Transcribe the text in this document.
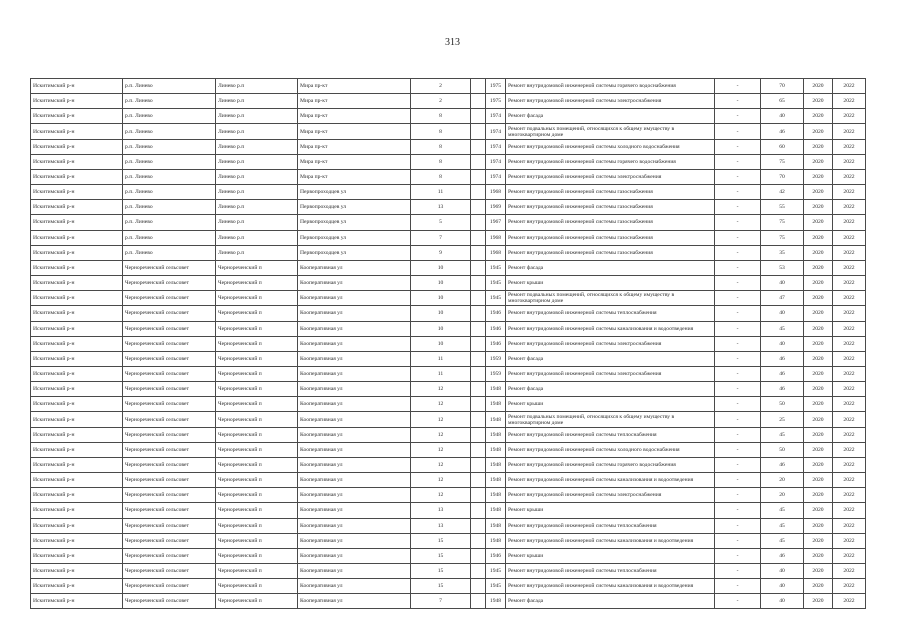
313
Искитимский р-н	р.п. Линево	Линево р.п	Мира пр-кт	2		1975	Ремонт внутридомовой инженерной системы горячего водоснабжения	-	70	2020	2022
Искитимский р-н	р.п. Линево	Линево р.п	Мира пр-кт	2		1975	Ремонт внутридомовой инженерной системы электроснабжения	-	65	2020	2022
Искитимский р-н	р.п. Линево	Линево р.п	Мира пр-кт	8		1974	Ремонт фасада	-	40	2020	2022
Искитимский р-н	р.п. Линево	Линево р.п	Мира пр-кт	8		1974	Ремонт подвальных помещений, относящихся к общему имуществу в многоквартирном доме	-	46	2020	2022
Искитимский р-н	р.п. Линево	Линево р.п	Мира пр-кт	8		1974	Ремонт внутридомовой инженерной системы холодного водоснабжения	-	60	2020	2022
Искитимский р-н	р.п. Линево	Линево р.п	Мира пр-кт	8		1974	Ремонт внутридомовой инженерной системы горячего водоснабжения	-	75	2020	2022
Искитимский р-н	р.п. Линево	Линево р.п	Мира пр-кт	8		1974	Ремонт внутридомовой инженерной системы электроснабжения	-	70	2020	2022
Искитимский р-н	р.п. Линево	Линево р.п	Первопроходцев ул	11		1968	Ремонт внутридомовой инженерной системы газоснабжения	-	42	2020	2022
Искитимский р-н	р.п. Линево	Линево р.п	Первопроходцев ул	13		1969	Ремонт внутридомовой инженерной системы газоснабжения	-	55	2020	2022
Искитимский р-н	р.п. Линево	Линево р.п	Первопроходцев ул	5		1967	Ремонт внутридомовой инженерной системы газоснабжения	-	75	2020	2022
Искитимский р-н	р.п. Линево	Линево р.п	Первопроходцев ул	7		1968	Ремонт внутридомовой инженерной системы газоснабжения	-	75	2020	2022
Искитимский р-н	р.п. Линево	Линево р.п	Первопроходцев ул	9		1968	Ремонт внутридомовой инженерной системы газоснабжения	-	35	2020	2022
Искитимский р-н	Чернореченский сельсовет	Чернореченский п	Кооперативная ул	10		1945	Ремонт фасада	-	53	2020	2022
Искитимский р-н	Чернореченский сельсовет	Чернореченский п	Кооперативная ул	10		1945	Ремонт крыши	-	40	2020	2022
Искитимский р-н	Чернореченский сельсовет	Чернореченский п	Кооперативная ул	10		1945	Ремонт подвальных помещений, относящихся к общему имуществу в многоквартирном доме	-	47	2020	2022
Искитимский р-н	Чернореченский сельсовет	Чернореченский п	Кооперативная ул	10		1946	Ремонт внутридомовой инженерной системы теплоснабжения	-	40	2020	2022
Искитимский р-н	Чернореченский сельсовет	Чернореченский п	Кооперативная ул	10		1946	Ремонт внутридомовой инженерной системы канализования и водоотведения	-	45	2020	2022
Искитимский р-н	Чернореченский сельсовет	Чернореченский п	Кооперативная ул	10		1946	Ремонт внутридомовой инженерной системы электроснабжения	-	40	2020	2022
Искитимский р-н	Чернореченский сельсовет	Чернореченский п	Кооперативная ул	11		1959	Ремонт фасада	-	46	2020	2022
Искитимский р-н	Чернореченский сельсовет	Чернореченский п	Кооперативная ул	11		1959	Ремонт внутридомовой инженерной системы электроснабжения	-	46	2020	2022
Искитимский р-н	Чернореченский сельсовет	Чернореченский п	Кооперативная ул	12		1948	Ремонт фасада	-	46	2020	2022
Искитимский р-н	Чернореченский сельсовет	Чернореченский п	Кооперативная ул	12		1948	Ремонт крыши	-	50	2020	2022
Искитимский р-н	Чернореченский сельсовет	Чернореченский п	Кооперативная ул	12		1948	Ремонт подвальных помещений, относящихся к общему имуществу в многоквартирном доме	-	25	2020	2022
Искитимский р-н	Чернореченский сельсовет	Чернореченский п	Кооперативная ул	12		1948	Ремонт внутридомовой инженерной системы теплоснабжения	-	45	2020	2022
Искитимский р-н	Чернореченский сельсовет	Чернореченский п	Кооперативная ул	12		1948	Ремонт внутридомовой инженерной системы холодного водоснабжения	-	50	2020	2022
Искитимский р-н	Чернореченский сельсовет	Чернореченский п	Кооперативная ул	12		1948	Ремонт внутридомовой инженерной системы горячего водоснабжения	-	46	2020	2022
Искитимский р-н	Чернореченский сельсовет	Чернореченский п	Кооперативная ул	12		1948	Ремонт внутридомовой инженерной системы канализования и водоотведения	-	20	2020	2022
Искитимский р-н	Чернореченский сельсовет	Чернореченский п	Кооперативная ул	12		1948	Ремонт внутридомовой инженерной системы электроснабжения	-	20	2020	2022
Искитимский р-н	Чернореченский сельсовет	Чернореченский п	Кооперативная ул	13		1948	Ремонт крыши	-	45	2020	2022
Искитимский р-н	Чернореченский сельсовет	Чернореченский п	Кооперативная ул	13		1948	Ремонт внутридомовой инженерной системы теплоснабжения	-	45	2020	2022
Искитимский р-н	Чернореченский сельсовет	Чернореченский п	Кооперативная ул	15		1948	Ремонт внутридомовой инженерной системы канализования и водоотведения	-	45	2020	2022
Искитимский р-н	Чернореченский сельсовет	Чернореченский п	Кооперативная ул	15		1946	Ремонт крыши	-	46	2020	2022
Искитимский р-н	Чернореченский сельсовет	Чернореченский п	Кооперативная ул	15		1945	Ремонт внутридомовой инженерной системы теплоснабжения	-	40	2020	2022
Искитимский р-н	Чернореченский сельсовет	Чернореченский п	Кооперативная ул	15		1945	Ремонт внутридомовой инженерной системы канализования и водоотведения	-	40	2020	2022
Искитимский р-н	Чернореченский сельсовет	Чернореченский п	Кооперативная ул	7		1948	Ремонт фасада	-	40	2020	2022
